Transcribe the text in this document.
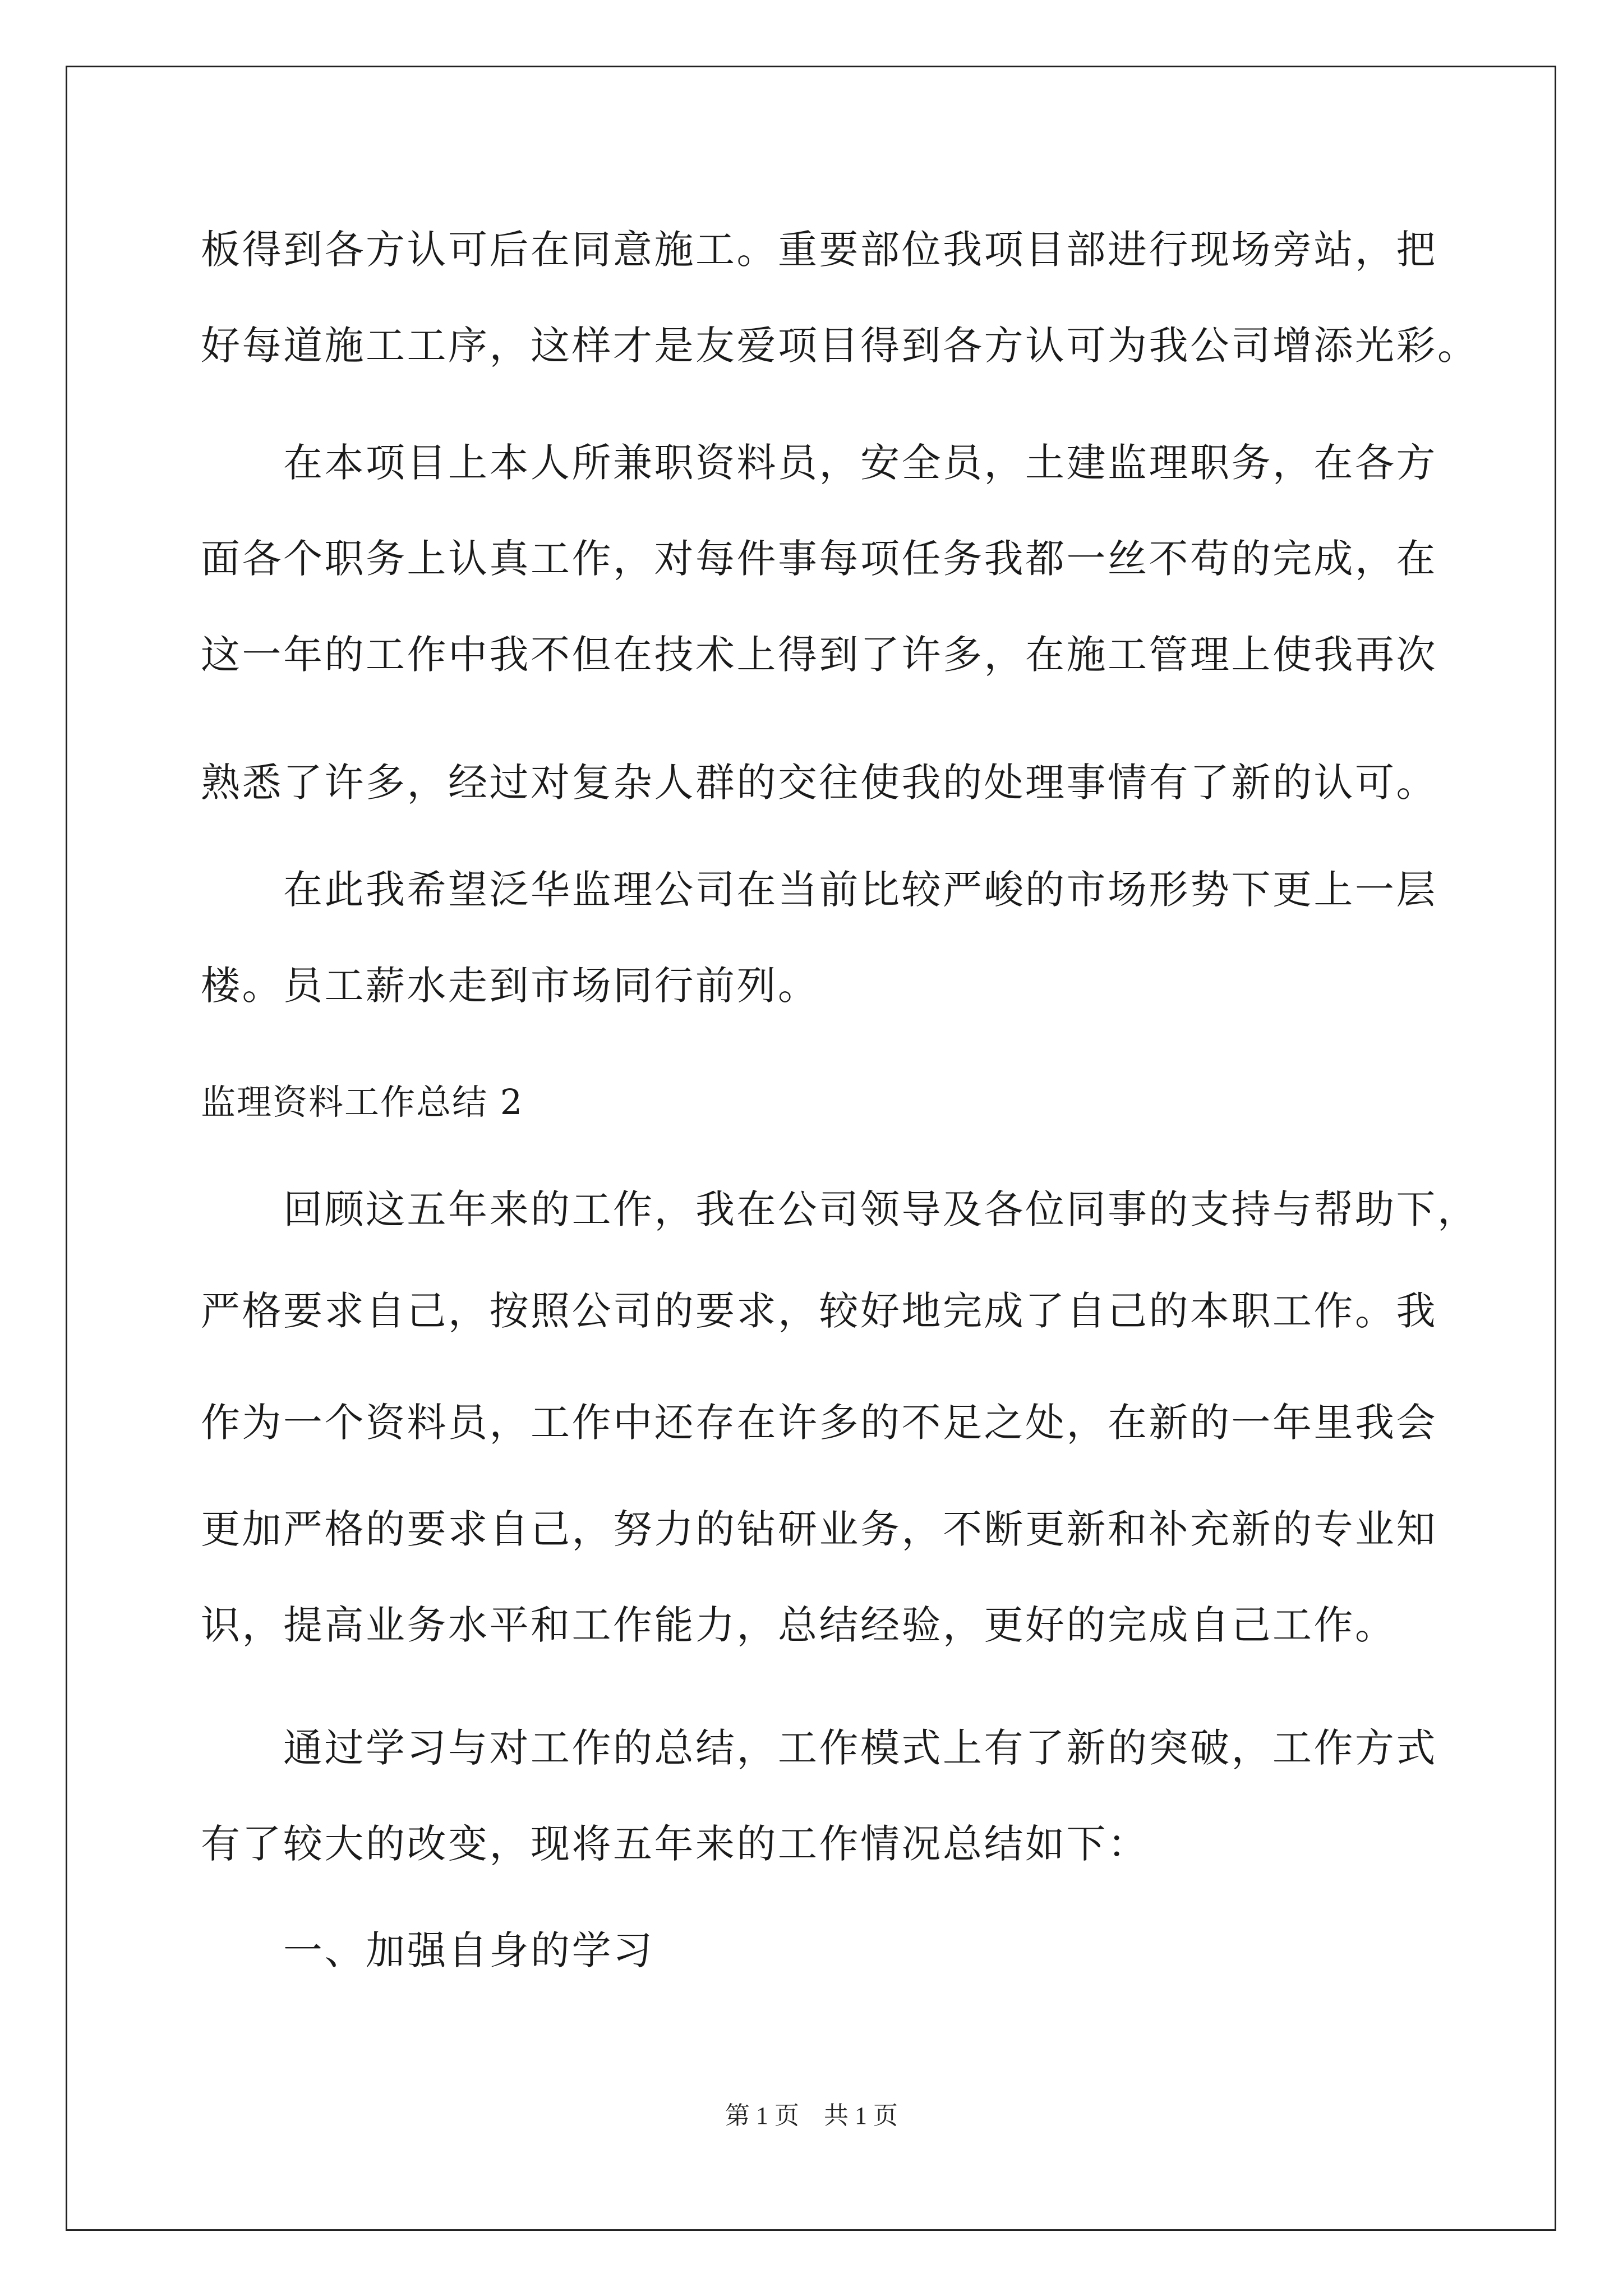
板得到各方认可后在同意施工。重要部位我项目部进行现场旁站，把
好每道施工工序，这样才是友爱项目得到各方认可为我公司增添光彩。
在本项目上本人所兼职资料员，安全员，土建监理职务，在各方
面各个职务上认真工作，对每件事每项任务我都一丝不苟的完成，在
这一年的工作中我不但在技术上得到了许多，在施工管理上使我再次
熟悉了许多，经过对复杂人群的交往使我的处理事情有了新的认可。
在此我希望泛华监理公司在当前比较严峻的市场形势下更上一层
楼。员工薪水走到市场同行前列。
监理资料工作总结 2
回顾这五年来的工作，我在公司领导及各位同事的支持与帮助下，
严格要求自己，按照公司的要求，较好地完成了自己的本职工作。我
作为一个资料员，工作中还存在许多的不足之处，在新的一年里我会
更加严格的要求自己，努力的钻研业务，不断更新和补充新的专业知
识，提高业务水平和工作能力，总结经验，更好的完成自己工作。
通过学习与对工作的总结，工作模式上有了新的突破，工作方式
有了较大的改变，现将五年来的工作情况总结如下：
一、加强自身的学习
第 1 页　共 1 页
